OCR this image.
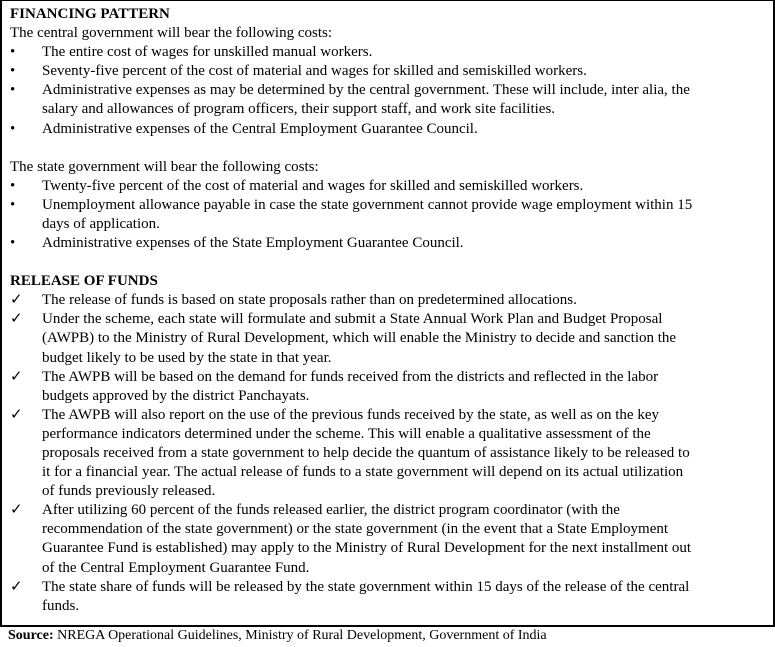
FINANCING PATTERN
The central government will bear the following costs:
•	The entire cost of wages for unskilled manual workers.
•	Seventy-five percent of the cost of material and wages for skilled and semiskilled workers.
•	Administrative expenses as may be determined by the central government. These will include, inter alia, the
salary and allowances of program officers, their support staff, and work site facilities.
•	Administrative expenses of the Central Employment Guarantee Council.
The state government will bear the following costs:
•	Twenty-five percent of the cost of material and wages for skilled and semiskilled workers.
•	Unemployment allowance payable in case the state government cannot provide wage employment within 15
days of application.
•	Administrative expenses of the State Employment Guarantee Council.
RELEASE OF FUNDS
✓	The release of funds is based on state proposals rather than on predetermined allocations.
✓	Under the scheme, each state will formulate and submit a State Annual Work Plan and Budget Proposal
(AWPB) to the Ministry of Rural Development, which will enable the Ministry to decide and sanction the
budget likely to be used by the state in that year.
✓	The AWPB will be based on the demand for funds received from the districts and reflected in the labor
budgets approved by the district Panchayats.
✓	The AWPB will also report on the use of the previous funds received by the state, as well as on the key
performance indicators determined under the scheme. This will enable a qualitative assessment of the
proposals received from a state government to help decide the quantum of assistance likely to be released to
it for a financial year. The actual release of funds to a state government will depend on its actual utilization
of funds previously released.
✓	After utilizing 60 percent of the funds released earlier, the district program coordinator (with the
recommendation of the state government) or the state government (in the event that a State Employment
Guarantee Fund is established) may apply to the Ministry of Rural Development for the next installment out
of the Central Employment Guarantee Fund.
✓	The state share of funds will be released by the state government within 15 days of the release of the central
funds.
Source: NREGA Operational Guidelines, Ministry of Rural Development, Government of India
